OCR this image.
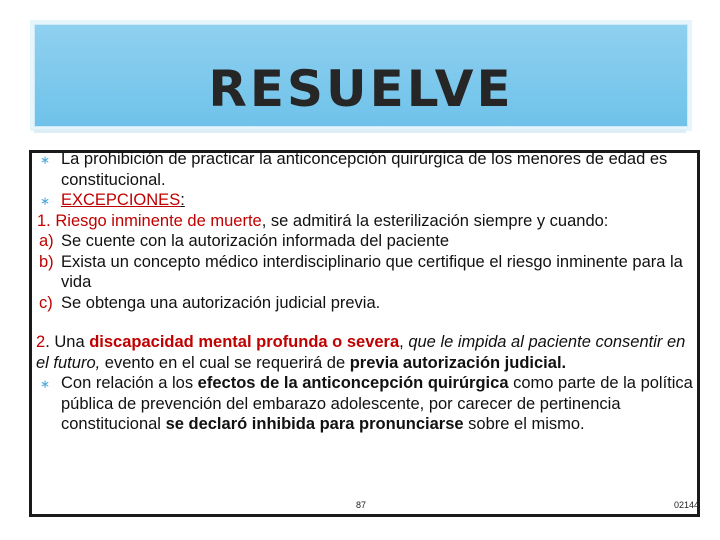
RESUELVE
∗ La prohibición de practicar la anticoncepción quirúrgica de los menores de edad es constitucional.
∗ EXCEPCIONES:
1. Riesgo inminente de muerte, se admitirá la esterilización siempre y cuando:
a) Se cuente con la autorización informada del paciente
b) Exista un concepto médico interdisciplinario que certifique el riesgo inminente para la vida
c) Se obtenga una autorización judicial previa.
2. Una discapacidad mental profunda o severa, que le impida al paciente consentir en el futuro, evento en el cual se requerirá de previa autorización judicial.
∗ Con relación a los efectos de la anticoncepción quirúrgica como parte de la política pública de prevención del embarazo adolescente, por carecer de pertinencia constitucional se declaró inhibida para pronunciarse sobre el mismo.
87	02144
